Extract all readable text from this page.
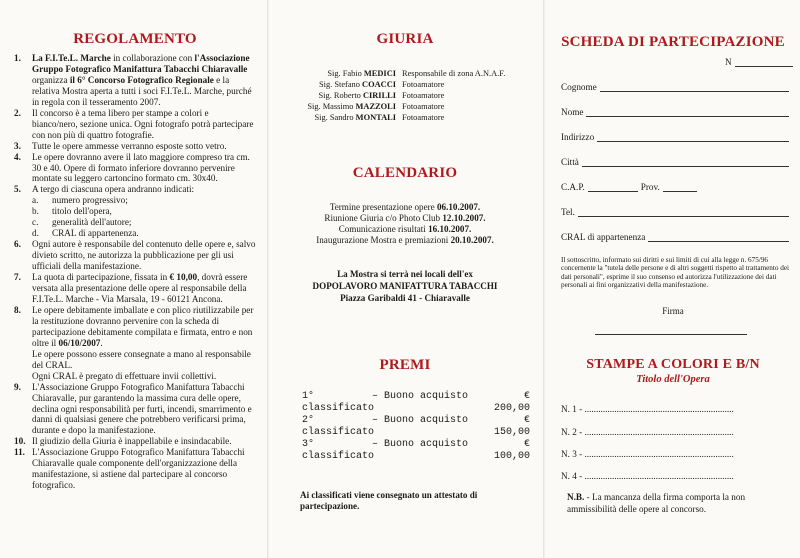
REGOLAMENTO
1.	La F.I.Te.L. Marche in collaborazione con l'Associazione Gruppo Fotografico Manifattura Tabacchi Chiaravalle organizza il 6° Concorso Fotografico Regionale e la relativa Mostra aperta a tutti i soci F.I.Te.L. Marche, purché in regola con il tesseramento 2007.
2.	Il concorso è a tema libero per stampe a colori e bianco/nero, sezione unica. Ogni fotografo potrà partecipare con non più di quattro fotografie.
3.	Tutte le opere ammesse verranno esposte sotto vetro.
4.	Le opere dovranno avere il lato maggiore compreso tra cm. 30 e 40. Opere di formato inferiore dovranno pervenire montate su leggero cartoncino formato cm. 30x40.
5.	A tergo di ciascuna opera andranno indicati:
a. numero progressivo;
b. titolo dell'opera,
c. generalità dell'autore;
d. CRAL di appartenenza.
6.	Ogni autore è responsabile del contenuto delle opere e, salvo divieto scritto, ne autorizza la pubblicazione per gli usi ufficiali della manifestazione.
7.	La quota di partecipazione, fissata in € 10,00, dovrà essere versata alla presentazione delle opere al responsabile della F.I.Te.L. Marche - Via Marsala, 19 - 60121 Ancona.
8.	Le opere debitamente imballate e con plico riutilizzabile per la restituzione dovranno pervenire con la scheda di partecipazione debitamente compilata e firmata, entro e non oltre il 06/10/2007.
Le opere possono essere consegnate a mano al responsabile del CRAL.
Ogni CRAL è pregato di effettuare invii collettivi.
9.	L'Associazione Gruppo Fotografico Manifattura Tabacchi Chiaravalle, pur garantendo la massima cura delle opere, declina ogni responsabilità per furti, incendi, smarrimento e danni di qualsiasi genere che potrebbero verificarsi prima, durante e dopo la manifestazione.
10. Il giudizio della Giuria è inappellabile e insindacabile.
11. L'Associazione Gruppo Fotografico Manifattura Tabacchi Chiaravalle quale componente dell'organizzazione della manifestazione, si astiene dal partecipare al concorso fotografico.
GIURIA
Sig. Fabio MEDICI Responsabile di zona A.N.A.F.
Sig. Stefano COACCI Fotoamatore
Sig. Roberto CIRILLI Fotoamatore
Sig. Massimo MAZZOLI Fotoamatore
Sig. Sandro MONTALI Fotoamatore
CALENDARIO
Termine presentazione opere 06.10.2007.
Riunione Giuria c/o Photo Club 12.10.2007.
Comunicazione risultati 16.10.2007.
Inaugurazione Mostra e premiazioni 20.10.2007.
La Mostra si terrà nei locali dell'ex
DOPOLAVORO MANIFATTURA TABACCHI
Piazza Garibaldi 41 - Chiaravalle
PREMI
1° classificato
– Buono acquisto	€ 200,00
2° classificato
– Buono acquisto	€ 150,00
3° classificato
– Buono acquisto	€ 100,00
Ai classificati viene consegnato un attestato di partecipazione.
SCHEDA DI PARTECIPAZIONE
N
Cognome
Nome
Indirizzo
Città
C.A.P.	Prov.
Tel.
CRAL di appartenenza
Il sottoscritto, informato sui diritti e sui limiti di cui alla legge n. 675/96 concernente la "tutela delle persone e di altri soggetti rispetto al trattamento dei dati personali", esprime il suo consenso ed autorizza l'utilizzazione dei dati personali ai fini organizzativi della manifestazione.
Firma
STAMPE A COLORI E B/N
Titolo dell'Opera
N. 1 - .................................................................
N. 2 - .................................................................
N. 3 - .................................................................
N. 4 - .................................................................
N.B. - La mancanza della firma comporta la non ammissibilità delle opere al concorso.
